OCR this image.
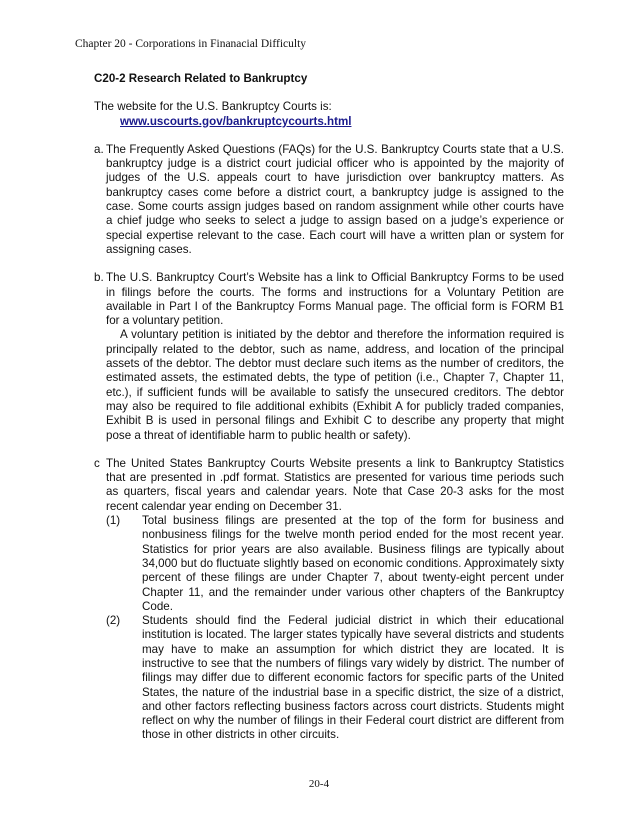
Chapter 20 - Corporations in Finanacial Difficulty

C20-2 Research Related to Bankruptcy

The website for the U.S. Bankruptcy Courts is:

www.uscourts.gov/bankruptcycourts.html
a. The Frequently Asked Questions (FAQs) for the U.S. Bankruptcy Courts state that a U.S. bankruptcy judge is a district court judicial officer who is appointed by the majority of judges of the U.S. appeals court to have jurisdiction over bankruptcy matters. As bankruptcy cases come before a district court, a bankruptcy judge is assigned to the case. Some courts assign judges based on random assignment while other courts have a chief judge who seeks to select a judge to assign based on a judge’s experience or special expertise relevant to the case. Each court will have a written plan or system for assigning cases.

b. The U.S. Bankruptcy Court’s Website has a link to Official Bankruptcy Forms to be used in filings before the courts. The forms and instructions for a Voluntary Petition are available in Part I of the Bankruptcy Forms Manual page. The official form is FORM B1 for a voluntary petition.

A voluntary petition is initiated by the debtor and therefore the information required is principally related to the debtor, such as name, address, and location of the principal assets of the debtor. The debtor must declare such items as the number of creditors, the estimated assets, the estimated debts, the type of petition (i.e., Chapter 7, Chapter 11, etc.), if sufficient funds will be available to satisfy the unsecured creditors. The debtor may also be required to file additional exhibits (Exhibit A for publicly traded companies, Exhibit B is used in personal filings and Exhibit C to describe any property that might pose a threat of identifiable harm to public health or safety).

c The United States Bankruptcy Courts Website presents a link to Bankruptcy Statistics that are presented in .pdf format. Statistics are presented for various time periods such as quarters, fiscal years and calendar years. Note that Case 20-3 asks for the most recent calendar year ending on December 31.

(1)	Total business filings are presented at the top of the form for business and nonbusiness filings for the twelve month period ended for the most recent year. Statistics for prior years are also available. Business filings are typically about 34,000 but do fluctuate slightly based on economic conditions. Approximately sixty percent of these filings are under Chapter 7, about twenty-eight percent under Chapter 11, and the remainder under various other chapters of the Bankruptcy Code.

(2)	Students should find the Federal judicial district in which their educational institution is located. The larger states typically have several districts and students may have to make an assumption for which district they are located. It is instructive to see that the numbers of filings vary widely by district. The number of filings may differ due to different economic factors for specific parts of the United States, the nature of the industrial base in a specific district, the size of a district, and other factors reflecting business factors across court districts. Students might reflect on why the number of filings in their Federal court district are different from those in other districts in other circuits.

20-4
